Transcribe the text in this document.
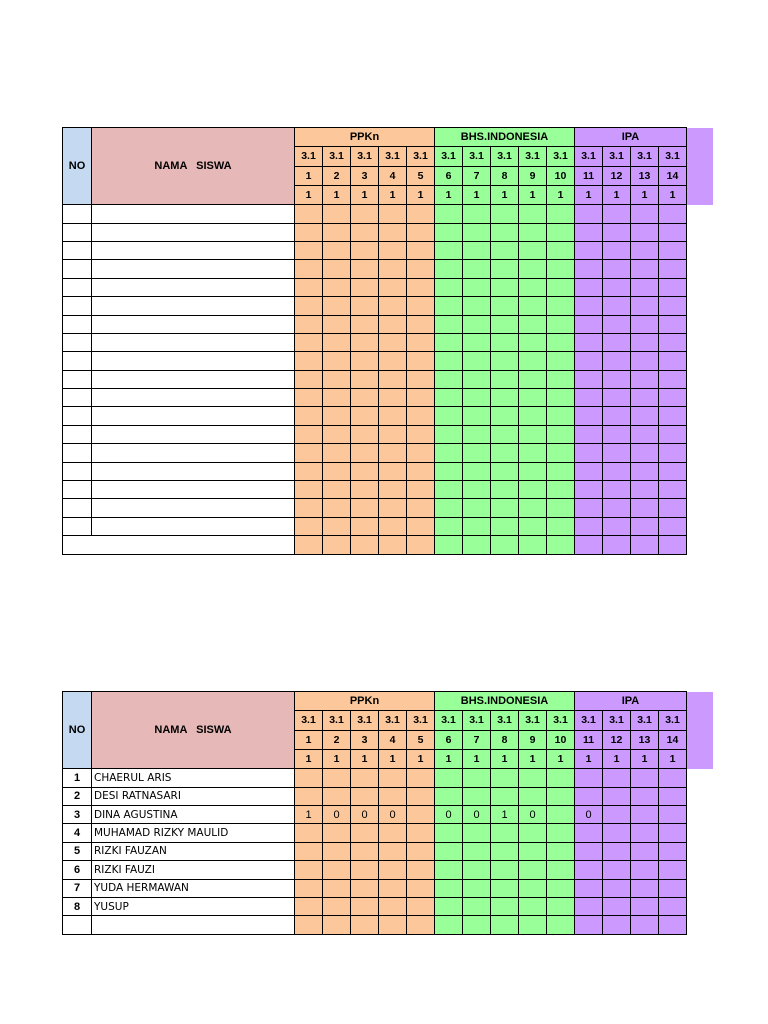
NO	NAMA   SISWA	PPKn					BHS.INDONESIA					IPA			
		3.1	3.1	3.1	3.1	3.1	3.1	3.1	3.1	3.1	3.1	3.1	3.1	3.1	3.1
		1	2	3	4	5	6	7	8	9	10	11	12	13	14
		1	1	1	1	1	1	1	1	1	1	1	1	1	1

NO	NAMA   SISWA	PPKn					BHS.INDONESIA					IPA			
		3.1	3.1	3.1	3.1	3.1	3.1	3.1	3.1	3.1	3.1	3.1	3.1	3.1	3.1
		1	2	3	4	5	6	7	8	9	10	11	12	13	14
		1	1	1	1	1	1	1	1	1	1	1	1	1	1
1	CHAERUL ARIS														
2	DESI RATNASARI														
3	DINA AGUSTINA	1	0	0	0		0	0	1	0		0			
4	MUHAMAD RIZKY MAULID														
5	RIZKI FAUZAN														
6	RIZKI FAUZI														
7	YUDA HERMAWAN														
8	YUSUP														
